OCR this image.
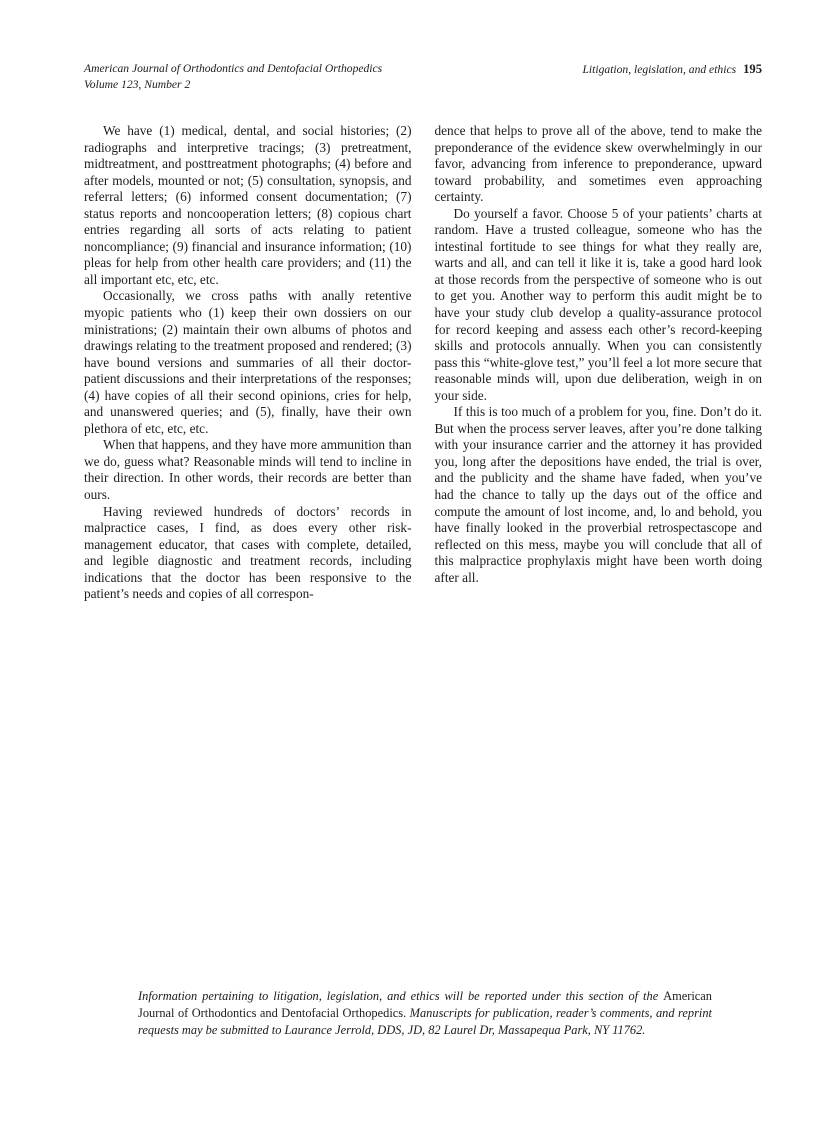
American Journal of Orthodontics and Dentofacial Orthopedics
Volume 123, Number 2
Litigation, legislation, and ethics 195

We have (1) medical, dental, and social histories; (2) radiographs and interpretive tracings; (3) pretreatment, midtreatment, and posttreatment photographs; (4) before and after models, mounted or not; (5) consultation, synopsis, and referral letters; (6) informed consent documentation; (7) status reports and noncooperation letters; (8) copious chart entries regarding all sorts of acts relating to patient noncompliance; (9) financial and insurance information; (10) pleas for help from other health care providers; and (11) the all important etc, etc, etc.

Occasionally, we cross paths with anally retentive myopic patients who (1) keep their own dossiers on our ministrations; (2) maintain their own albums of photos and drawings relating to the treatment proposed and rendered; (3) have bound versions and summaries of all their doctor-patient discussions and their interpretations of the responses; (4) have copies of all their second opinions, cries for help, and unanswered queries; and (5), finally, have their own plethora of etc, etc, etc.

When that happens, and they have more ammunition than we do, guess what? Reasonable minds will tend to incline in their direction. In other words, their records are better than ours.

Having reviewed hundreds of doctors’ records in malpractice cases, I find, as does every other risk-management educator, that cases with complete, detailed, and legible diagnostic and treatment records, including indications that the doctor has been responsive to the patient’s needs and copies of all correspon-

dence that helps to prove all of the above, tend to make the preponderance of the evidence skew overwhelmingly in our favor, advancing from inference to preponderance, upward toward probability, and sometimes even approaching certainty.

Do yourself a favor. Choose 5 of your patients’ charts at random. Have a trusted colleague, someone who has the intestinal fortitude to see things for what they really are, warts and all, and can tell it like it is, take a good hard look at those records from the perspective of someone who is out to get you. Another way to perform this audit might be to have your study club develop a quality-assurance protocol for record keeping and assess each other’s record-keeping skills and protocols annually. When you can consistently pass this “white-glove test,” you’ll feel a lot more secure that reasonable minds will, upon due deliberation, weigh in on your side.

If this is too much of a problem for you, fine. Don’t do it. But when the process server leaves, after you’re done talking with your insurance carrier and the attorney it has provided you, long after the depositions have ended, the trial is over, and the publicity and the shame have faded, when you’ve had the chance to tally up the days out of the office and compute the amount of lost income, and, lo and behold, you have finally looked in the proverbial retrospectascope and reflected on this mess, maybe you will conclude that all of this malpractice prophylaxis might have been worth doing after all.

Information pertaining to litigation, legislation, and ethics will be reported under this section of the American Journal of Orthodontics and Dentofacial Orthopedics. Manuscripts for publication, reader’s comments, and reprint requests may be submitted to Laurance Jerrold, DDS, JD, 82 Laurel Dr, Massapequa Park, NY 11762.
